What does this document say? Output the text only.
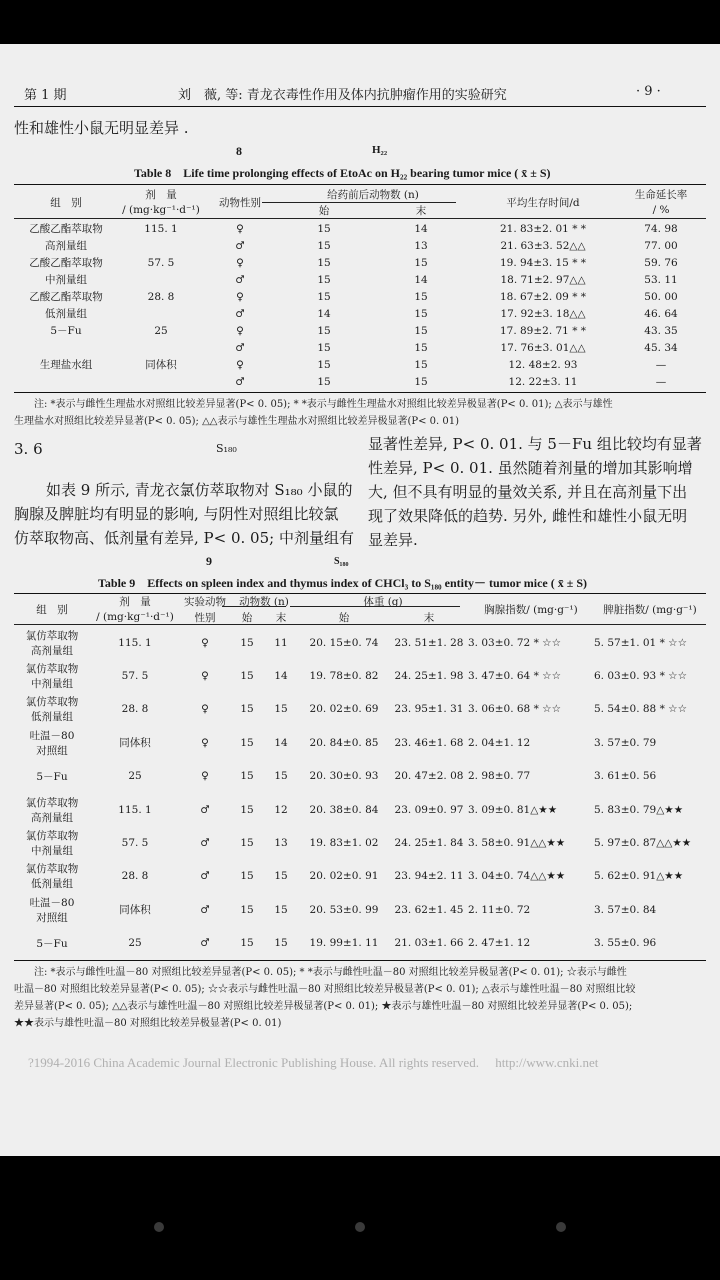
第 1 期	刘　薇, 等: 青龙衣毒性作用及体内抗肿瘤作用的实验研究	· 9 ·
性和雄性小鼠无明显差异 .
8	H₂₂
Table 8　Life time prolonging effects of EtoAc on H₂₂ bearing tumor mice ( x̄ ± S)
组　别	剂　量	动物性别	给药前后动物数 (n)		平均生存时间/d	生命延长率
	/ (mg·kg⁻¹·d⁻¹)		始	末		/ %
乙酸乙酯萃取物	115. 1	♀	15	14	21. 83±2. 01 * *	74. 98
高剂量组		♂	15	13	21. 63±3. 52△△	77. 00
乙酸乙酯萃取物	57. 5	♀	15	15	19. 94±3. 15 * *	59. 76
中剂量组		♂	15	14	18. 71±2. 97△△	53. 11
乙酸乙酯萃取物	28. 8	♀	15	15	18. 67±2. 09 * *	50. 00
低剂量组		♂	14	15	17. 92±3. 18△△	46. 64
5－Fu	25	♀	15	15	17. 89±2. 71 * *	43. 35
		♂	15	15	17. 76±3. 01△△	45. 34
生理盐水组	同体积	♀	15	15	12. 48±2. 93	—
		♂	15	15	12. 22±3. 11	—
注: *表示与雌性生理盐水对照组比较差异显著(P< 0. 05); * *表示与雌性生理盐水对照组比较差异极显著(P< 0. 01); △表示与雄性
生理盐水对照组比较差异显著(P< 0. 05); △△表示与雄性生理盐水对照组比较差异极显著(P< 0. 01)
3. 6	S₁₈₀
如表 9 所示, 青龙衣氯仿萃取物对 S₁₈₀ 小鼠的
胸腺及脾脏均有明显的影响, 与阴性对照组比较氯
仿萃取物高、低剂量有差异, P< 0. 05; 中剂量组有
显著性差异, P< 0. 01. 与 5－Fu 组比较均有显著
性差异, P< 0. 01. 虽然随着剂量的增加其影响增
大, 但不具有明显的量效关系, 并且在高剂量下出
现了效果降低的趋势. 另外, 雌性和雄性小鼠无明
显差异.
9	S₁₈₀
Table 9　Effects on spleen index and thymus index of CHCl₃ to S₁₈₀ entity－ tumor mice ( x̄ ± S)
组　别	剂　量	实验动物	动物数 (n)		体重 (g)		胸腺指数/ (mg·g⁻¹)	脾脏指数/ (mg·g⁻¹)
	/ (mg·kg⁻¹·d⁻¹)	性别	始	末	始	末		
氯仿萃取物
高剂量组	115. 1	♀	15	11	20. 15±0. 74	23. 51±1. 28	3. 03±0. 72 * ☆☆	5. 57±1. 01 * ☆☆

氯仿萃取物
中剂量组	57. 5	♀	15	14	19. 78±0. 82	24. 25±1. 98	3. 47±0. 64 * ☆☆	6. 03±0. 93 * ☆☆

氯仿萃取物
低剂量组	28. 8	♀	15	15	20. 02±0. 69	23. 95±1. 31	3. 06±0. 68 * ☆☆	5. 54±0. 88 * ☆☆

吐温－80
对照组	同体积	♀	15	14	20. 84±0. 85	23. 46±1. 68	2. 04±1. 12	3. 57±0. 79

5－Fu	25	♀	15	15	20. 30±0. 93	20. 47±2. 08	2. 98±0. 77	3. 61±0. 56

氯仿萃取物
高剂量组	115. 1	♂	15	12	20. 38±0. 84	23. 09±0. 97	3. 09±0. 81△★★	5. 83±0. 79△★★

氯仿萃取物
中剂量组	57. 5	♂	15	13	19. 83±1. 02	24. 25±1. 84	3. 58±0. 91△△★★	5. 97±0. 87△△★★

氯仿萃取物
低剂量组	28. 8	♂	15	15	20. 02±0. 91	23. 94±2. 11	3. 04±0. 74△△★★	5. 62±0. 91△★★

吐温－80
对照组	同体积	♂	15	15	20. 53±0. 99	23. 62±1. 45	2. 11±0. 72	3. 57±0. 84

5－Fu	25	♂	15	15	19. 99±1. 11	21. 03±1. 66	2. 47±1. 12	3. 55±0. 96
注: *表示与雌性吐温－80 对照组比较差异显著(P< 0. 05); * *表示与雌性吐温－80 对照组比较差异极显著(P< 0. 01); ☆表示与雌性
吐温－80 对照组比较差异显著(P< 0. 05); ☆☆表示与雌性吐温－80 对照组比较差异极显著(P< 0. 01); △表示与雄性吐温－80 对照组比较
差异显著(P< 0. 05); △△表示与雄性吐温－80 对照组比较差异极显著(P< 0. 01); ★表示与雄性吐温－80 对照组比较差异显著(P< 0. 05);
★★表示与雄性吐温－80 对照组比较差异极显著(P< 0. 01)
?1994-2016 China Academic Journal Electronic Publishing House. All rights reserved.　 http://www.cnki.net
